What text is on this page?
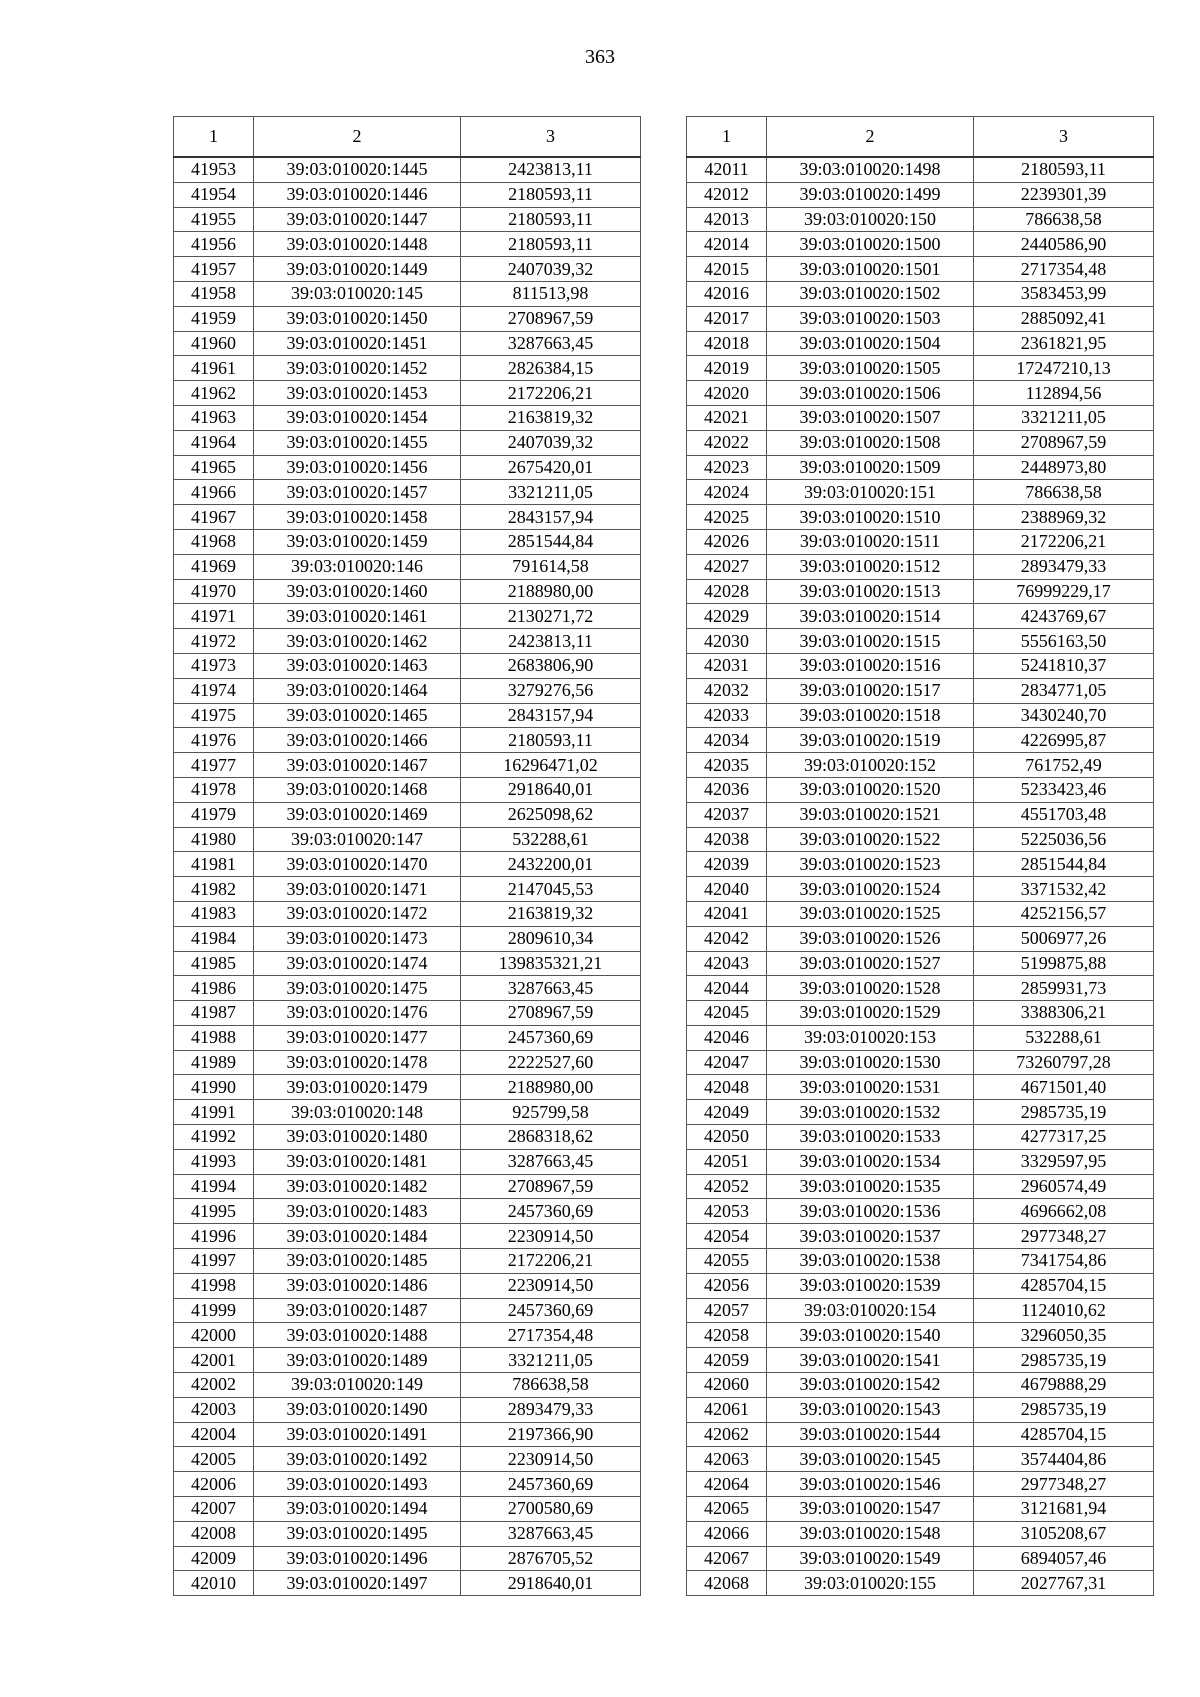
363
1	2	3
41953	39:03:010020:1445	2423813,11
41954	39:03:010020:1446	2180593,11
41955	39:03:010020:1447	2180593,11
41956	39:03:010020:1448	2180593,11
41957	39:03:010020:1449	2407039,32
41958	39:03:010020:145	811513,98
41959	39:03:010020:1450	2708967,59
41960	39:03:010020:1451	3287663,45
41961	39:03:010020:1452	2826384,15
41962	39:03:010020:1453	2172206,21
41963	39:03:010020:1454	2163819,32
41964	39:03:010020:1455	2407039,32
41965	39:03:010020:1456	2675420,01
41966	39:03:010020:1457	3321211,05
41967	39:03:010020:1458	2843157,94
41968	39:03:010020:1459	2851544,84
41969	39:03:010020:146	791614,58
41970	39:03:010020:1460	2188980,00
41971	39:03:010020:1461	2130271,72
41972	39:03:010020:1462	2423813,11
41973	39:03:010020:1463	2683806,90
41974	39:03:010020:1464	3279276,56
41975	39:03:010020:1465	2843157,94
41976	39:03:010020:1466	2180593,11
41977	39:03:010020:1467	16296471,02
41978	39:03:010020:1468	2918640,01
41979	39:03:010020:1469	2625098,62
41980	39:03:010020:147	532288,61
41981	39:03:010020:1470	2432200,01
41982	39:03:010020:1471	2147045,53
41983	39:03:010020:1472	2163819,32
41984	39:03:010020:1473	2809610,34
41985	39:03:010020:1474	139835321,21
41986	39:03:010020:1475	3287663,45
41987	39:03:010020:1476	2708967,59
41988	39:03:010020:1477	2457360,69
41989	39:03:010020:1478	2222527,60
41990	39:03:010020:1479	2188980,00
41991	39:03:010020:148	925799,58
41992	39:03:010020:1480	2868318,62
41993	39:03:010020:1481	3287663,45
41994	39:03:010020:1482	2708967,59
41995	39:03:010020:1483	2457360,69
41996	39:03:010020:1484	2230914,50
41997	39:03:010020:1485	2172206,21
41998	39:03:010020:1486	2230914,50
41999	39:03:010020:1487	2457360,69
42000	39:03:010020:1488	2717354,48
42001	39:03:010020:1489	3321211,05
42002	39:03:010020:149	786638,58
42003	39:03:010020:1490	2893479,33
42004	39:03:010020:1491	2197366,90
42005	39:03:010020:1492	2230914,50
42006	39:03:010020:1493	2457360,69
42007	39:03:010020:1494	2700580,69
42008	39:03:010020:1495	3287663,45
42009	39:03:010020:1496	2876705,52
42010	39:03:010020:1497	2918640,01
1	2	3
42011	39:03:010020:1498	2180593,11
42012	39:03:010020:1499	2239301,39
42013	39:03:010020:150	786638,58
42014	39:03:010020:1500	2440586,90
42015	39:03:010020:1501	2717354,48
42016	39:03:010020:1502	3583453,99
42017	39:03:010020:1503	2885092,41
42018	39:03:010020:1504	2361821,95
42019	39:03:010020:1505	17247210,13
42020	39:03:010020:1506	112894,56
42021	39:03:010020:1507	3321211,05
42022	39:03:010020:1508	2708967,59
42023	39:03:010020:1509	2448973,80
42024	39:03:010020:151	786638,58
42025	39:03:010020:1510	2388969,32
42026	39:03:010020:1511	2172206,21
42027	39:03:010020:1512	2893479,33
42028	39:03:010020:1513	76999229,17
42029	39:03:010020:1514	4243769,67
42030	39:03:010020:1515	5556163,50
42031	39:03:010020:1516	5241810,37
42032	39:03:010020:1517	2834771,05
42033	39:03:010020:1518	3430240,70
42034	39:03:010020:1519	4226995,87
42035	39:03:010020:152	761752,49
42036	39:03:010020:1520	5233423,46
42037	39:03:010020:1521	4551703,48
42038	39:03:010020:1522	5225036,56
42039	39:03:010020:1523	2851544,84
42040	39:03:010020:1524	3371532,42
42041	39:03:010020:1525	4252156,57
42042	39:03:010020:1526	5006977,26
42043	39:03:010020:1527	5199875,88
42044	39:03:010020:1528	2859931,73
42045	39:03:010020:1529	3388306,21
42046	39:03:010020:153	532288,61
42047	39:03:010020:1530	73260797,28
42048	39:03:010020:1531	4671501,40
42049	39:03:010020:1532	2985735,19
42050	39:03:010020:1533	4277317,25
42051	39:03:010020:1534	3329597,95
42052	39:03:010020:1535	2960574,49
42053	39:03:010020:1536	4696662,08
42054	39:03:010020:1537	2977348,27
42055	39:03:010020:1538	7341754,86
42056	39:03:010020:1539	4285704,15
42057	39:03:010020:154	1124010,62
42058	39:03:010020:1540	3296050,35
42059	39:03:010020:1541	2985735,19
42060	39:03:010020:1542	4679888,29
42061	39:03:010020:1543	2985735,19
42062	39:03:010020:1544	4285704,15
42063	39:03:010020:1545	3574404,86
42064	39:03:010020:1546	2977348,27
42065	39:03:010020:1547	3121681,94
42066	39:03:010020:1548	3105208,67
42067	39:03:010020:1549	6894057,46
42068	39:03:010020:155	2027767,31
